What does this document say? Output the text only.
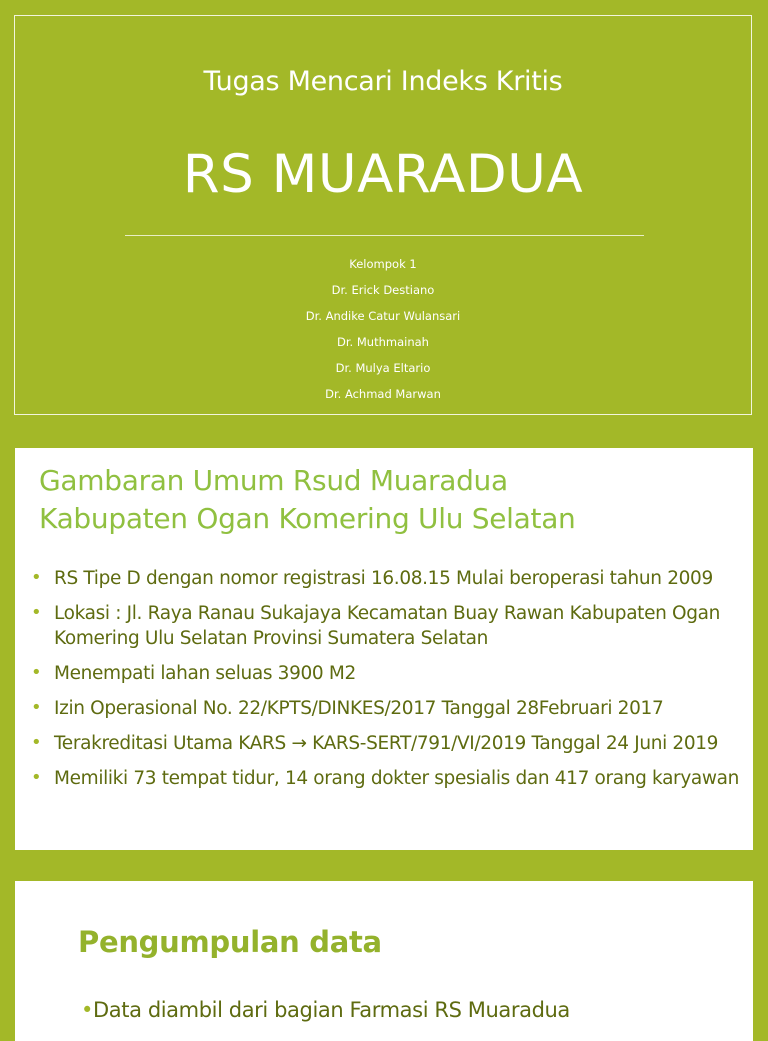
Tugas Mencari Indeks Kritis
RS MUARADUA
Kelompok 1
Dr. Erick Destiano
Dr. Andike Catur Wulansari
Dr. Muthmainah
Dr. Mulya Eltario
Dr. Achmad Marwan
Gambaran Umum Rsud Muaradua
Kabupaten Ogan Komering Ulu Selatan
• RS Tipe D dengan nomor registrasi 16.08.15 Mulai beroperasi tahun 2009
• Lokasi : Jl. Raya Ranau Sukajaya Kecamatan Buay Rawan Kabupaten Ogan Komering Ulu Selatan Provinsi Sumatera Selatan
• Menempati lahan seluas 3900 M2
• Izin Operasional No. 22/KPTS/DINKES/2017 Tanggal 28Februari 2017
• Terakreditasi Utama KARS → KARS-SERT/791/VI/2019 Tanggal 24 Juni 2019
• Memiliki 73 tempat tidur, 14 orang dokter spesialis dan 417 orang karyawan
Pengumpulan data
•Data diambil dari bagian Farmasi RS Muaradua
